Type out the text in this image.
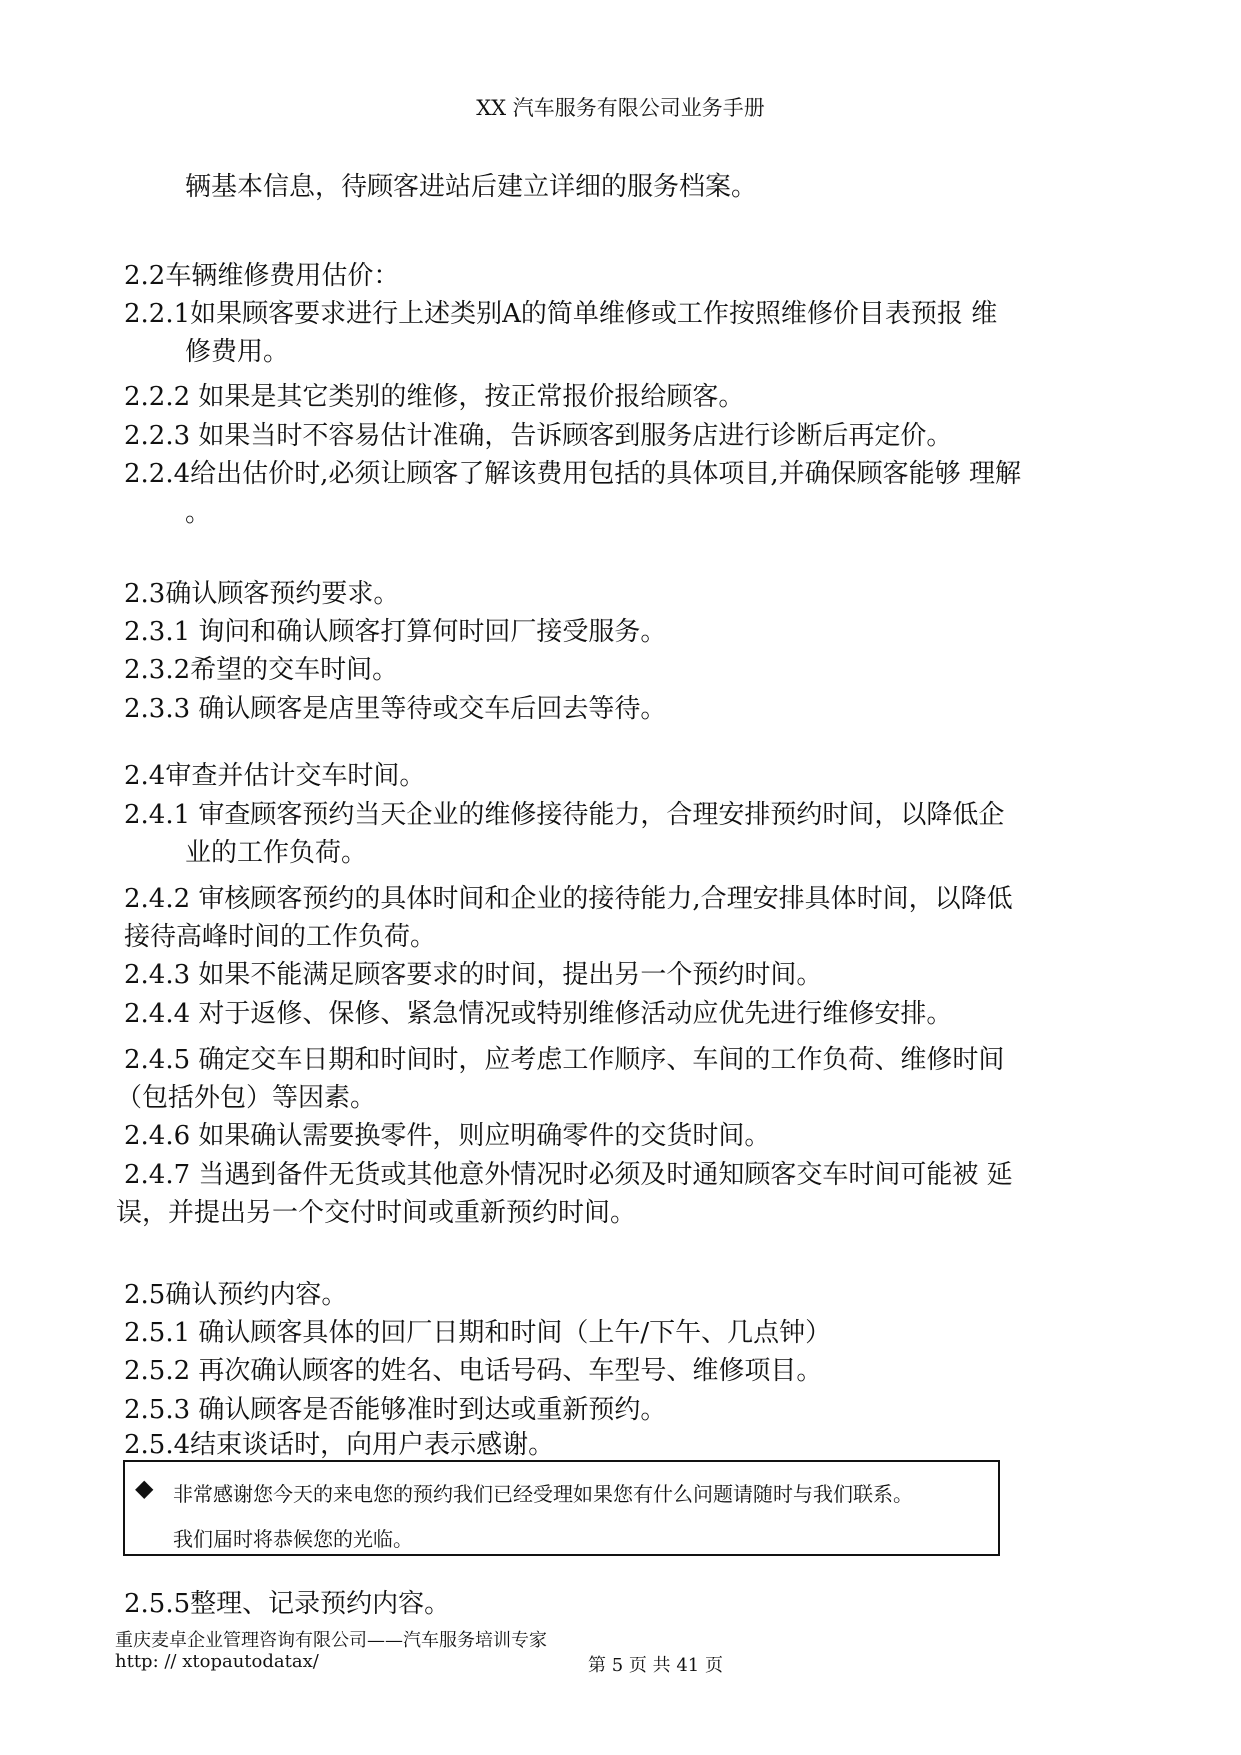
XX 汽车服务有限公司业务手册
辆基本信息，待顾客进站后建立详细的服务档案。
2.2车辆维修费用估价：
2.2.1如果顾客要求进行上述类别A的简单维修或工作按照维修价目表预报 维
修费用。
2.2.2 如果是其它类别的维修，按正常报价报给顾客。
2.2.3 如果当时不容易估计准确，告诉顾客到服务店进行诊断后再定价。
2.2.4给出估价时,必须让顾客了解该费用包括的具体项目,并确保顾客能够 理解
。
2.3确认顾客预约要求。
2.3.1 询问和确认顾客打算何时回厂接受服务。
2.3.2希望的交车时间。
2.3.3 确认顾客是店里等待或交车后回去等待。
2.4审查并估计交车时间。
2.4.1 审查顾客预约当天企业的维修接待能力，合理安排预约时间，以降低企
业的工作负荷。
2.4.2 审核顾客预约的具体时间和企业的接待能力,合理安排具体时间，以降低
接待高峰时间的工作负荷。
2.4.3 如果不能满足顾客要求的时间，提出另一个预约时间。
2.4.4 对于返修、保修、紧急情况或特别维修活动应优先进行维修安排。
2.4.5 确定交车日期和时间时，应考虑工作顺序、车间的工作负荷、维修时间
（包括外包）等因素。
2.4.6 如果确认需要换零件，则应明确零件的交货时间。
2.4.7 当遇到备件无货或其他意外情况时必须及时通知顾客交车时间可能被 延
误，并提出另一个交付时间或重新预约时间。
2.5确认预约内容。
2.5.1 确认顾客具体的回厂日期和时间（上午/下午、几点钟）
2.5.2 再次确认顾客的姓名、电话号码、车型号、维修项目。
2.5.3 确认顾客是否能够准时到达或重新预约。
2.5.4结束谈话时，向用户表示感谢。
◆ 非常感谢您今天的来电您的预约我们已经受理如果您有什么问题请随时与我们联系。
我们届时将恭候您的光临。
2.5.5整理、记录预约内容。
重庆麦卓企业管理咨询有限公司——汽车服务培训专家
http: // xtopautodatax/	第 5 页 共 41 页
